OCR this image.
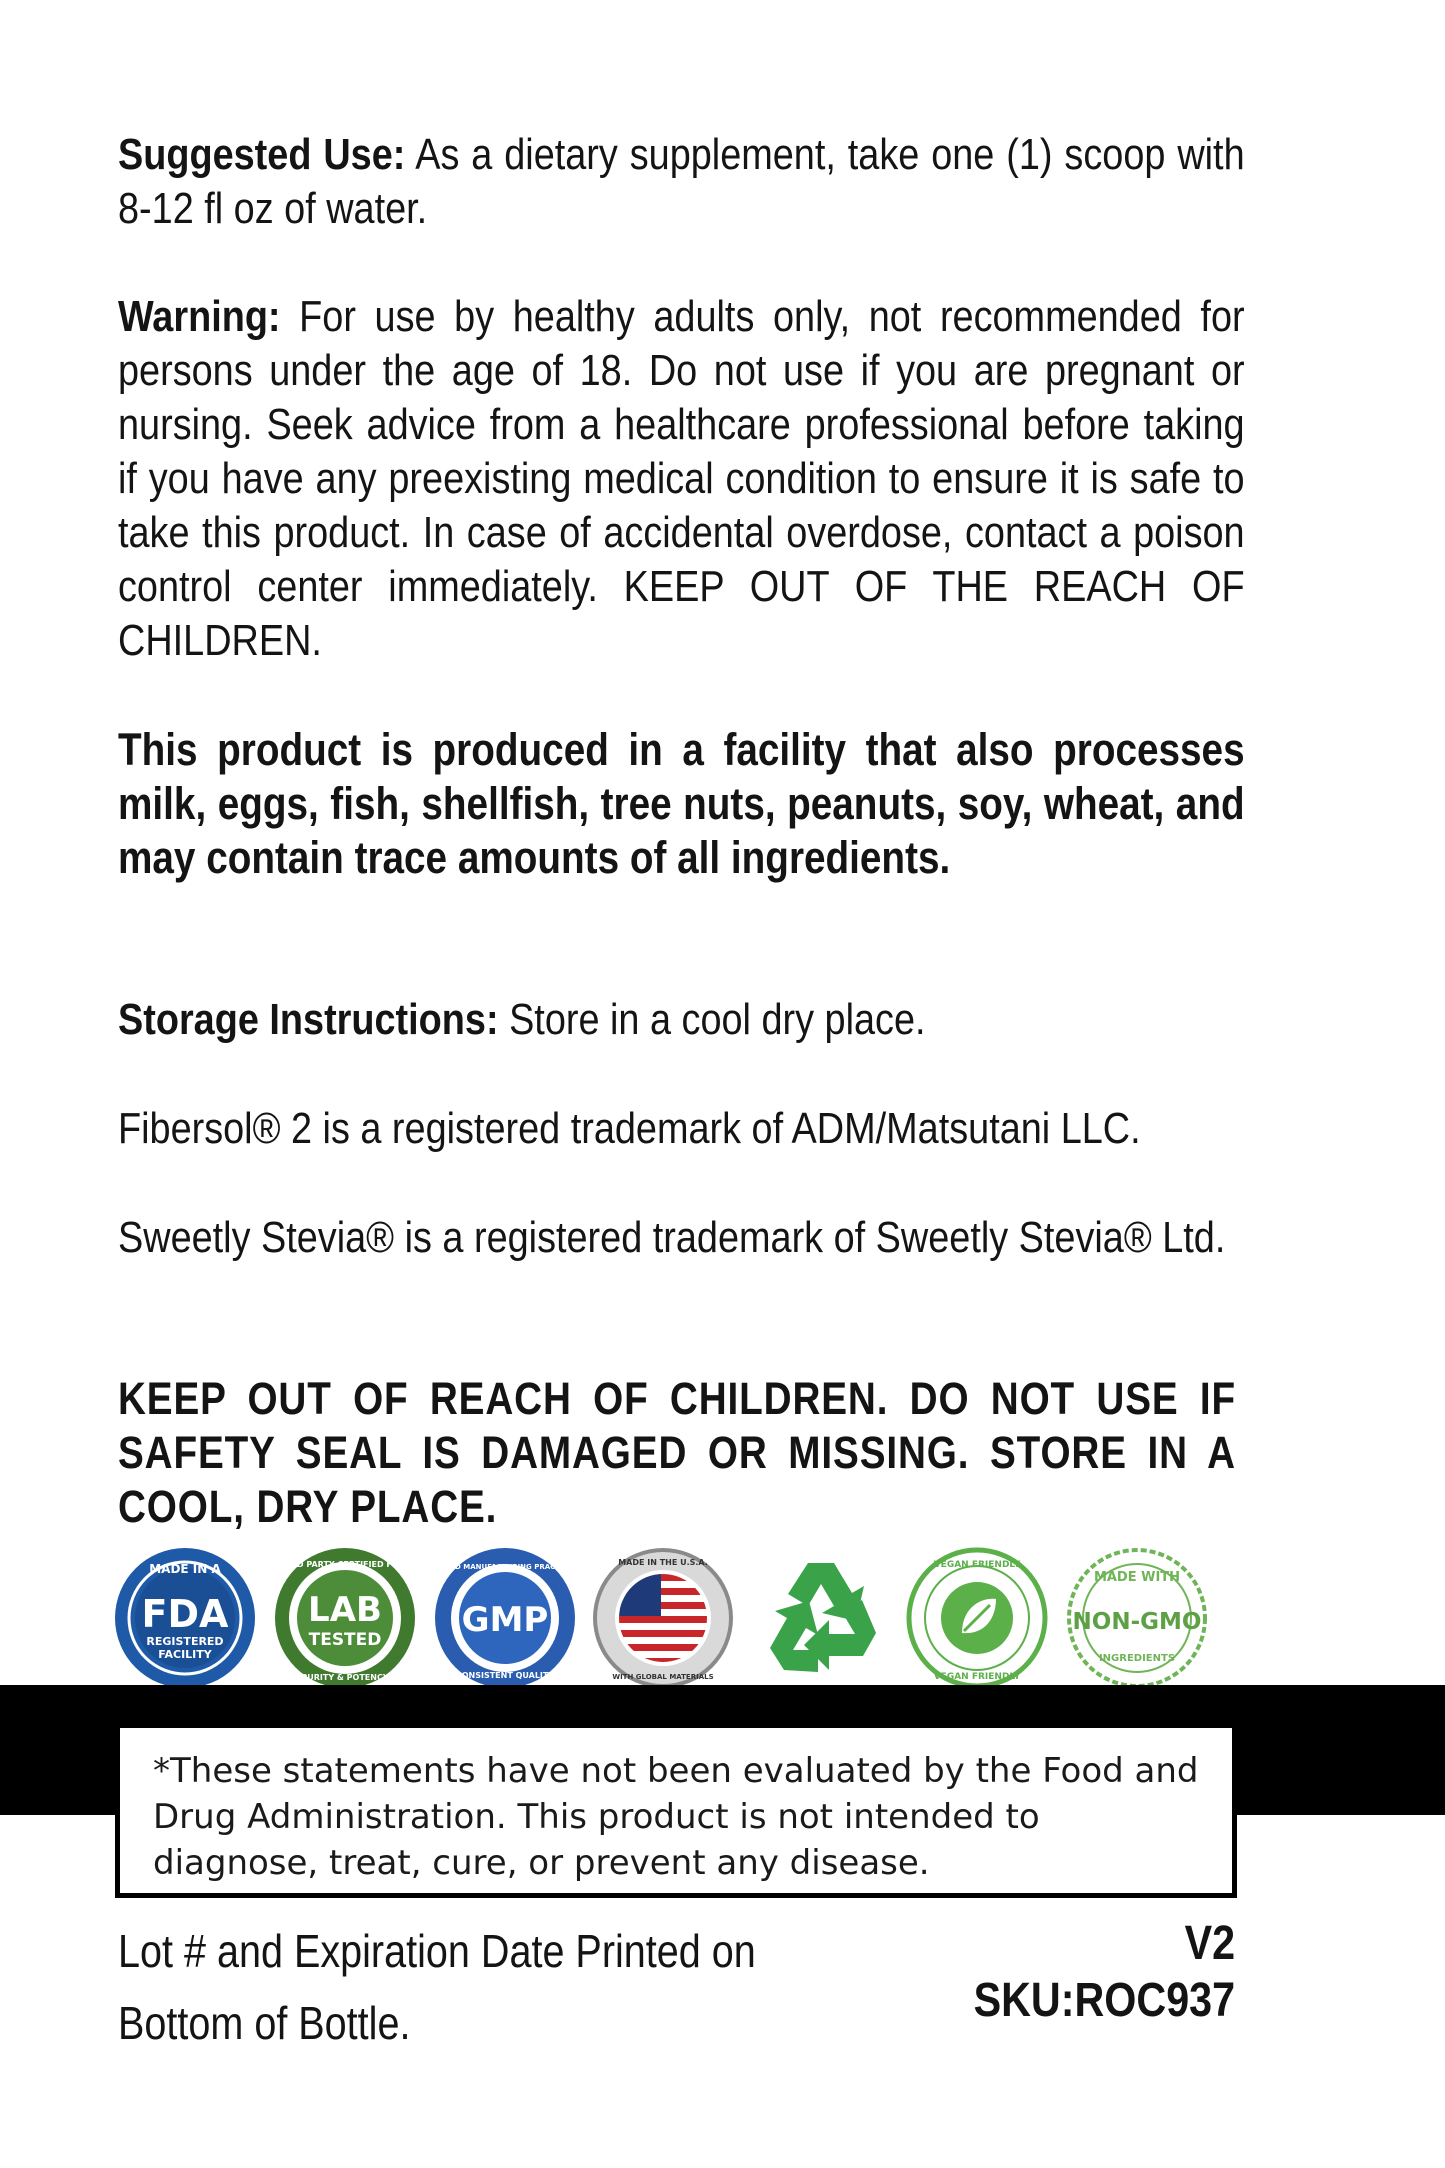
Suggested Use: As a dietary supplement, take one (1) scoop with 8-12 fl oz of water.

Warning: For use by healthy adults only, not recommended for persons under the age of 18. Do not use if you are pregnant or nursing. Seek advice from a healthcare professional before taking if you have any preexisting medical condition to ensure it is safe to take this product. In case of accidental overdose, contact a poison control center immediately. KEEP OUT OF THE REACH OF CHILDREN.

This product is produced in a facility that also processes milk, eggs, fish, shellfish, tree nuts, peanuts, soy, wheat, and may contain trace amounts of all ingredients.

Storage Instructions: Store in a cool dry place.

Fibersol® 2 is a registered trademark of ADM/Matsutani LLC.

Sweetly Stevia® is a registered trademark of Sweetly Stevia® Ltd.

KEEP OUT OF REACH OF CHILDREN. DO NOT USE IF SAFETY SEAL IS DAMAGED OR MISSING. STORE IN A COOL, DRY PLACE.

MADE IN A
FDA
REGISTERED
FACILITY
3RD PARTY CERTIFIED FOR
LAB
TESTED
PURITY & POTENCY
GOOD MANUFACTURING PRACTICE
GMP
CONSISTENT QUALITY
MADE IN THE U.S.A.
WITH GLOBAL MATERIALS
VEGAN FRIENDLY
VEGAN FRIENDLY
MADE WITH
NON-GMO
INGREDIENTS
*These statements have not been evaluated by the Food and Drug Administration. This product is not intended to diagnose, treat, cure, or prevent any disease.
Lot # and Expiration Date Printed on
Bottom of Bottle.
V2
SKU:ROC937
